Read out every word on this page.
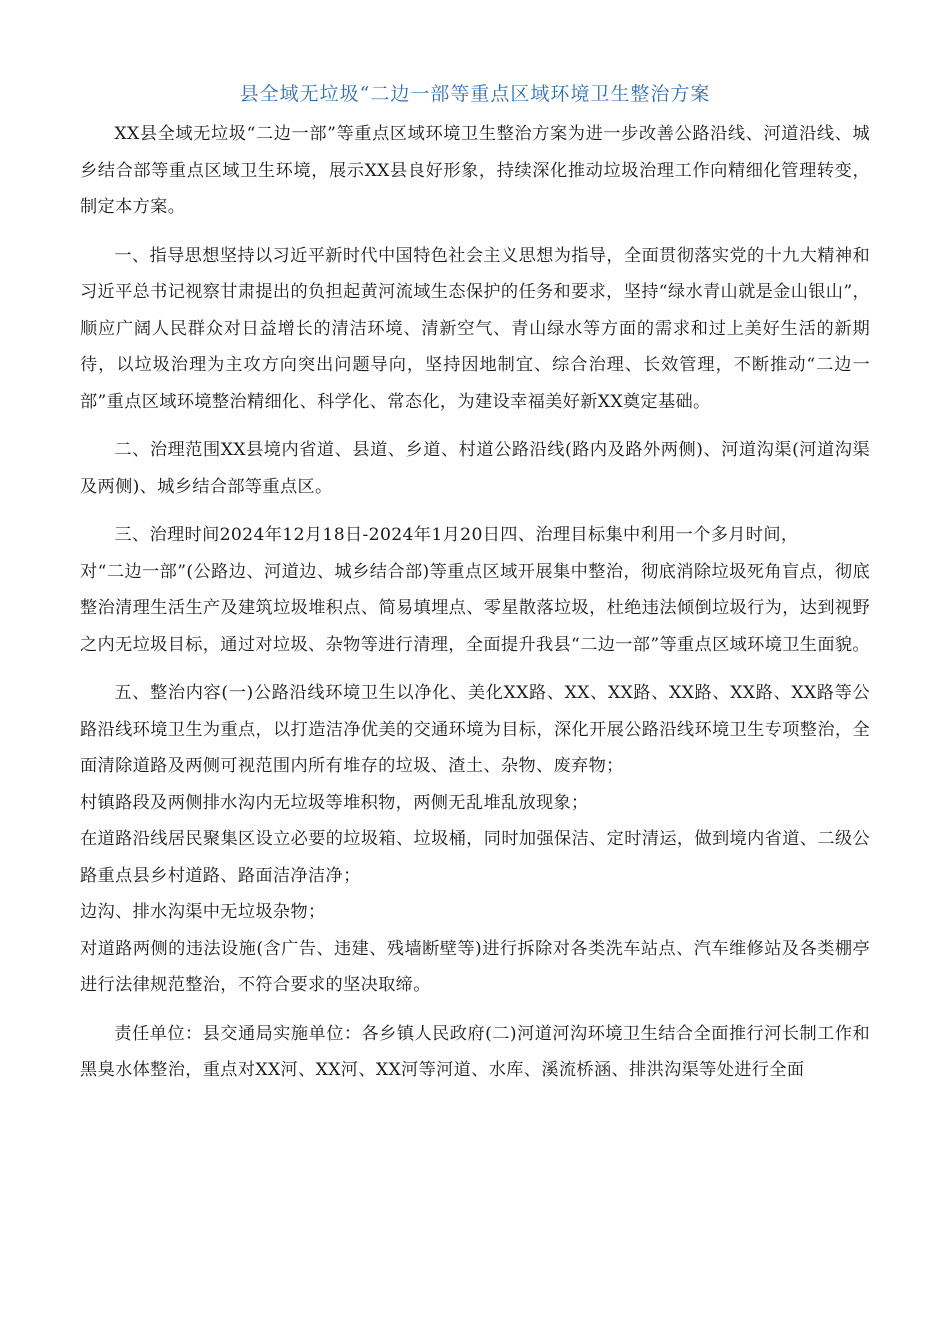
县全域无垃圾“二边一部等重点区域环境卫生整治方案

XX县全域无垃圾“二边一部”等重点区域环境卫生整治方案为进一步改善公路沿线、河道沿线、城乡结合部等重点区域卫生环境，展示XX县良好形象，持续深化推动垃圾治理工作向精细化管理转变，制定本方案。

一、指导思想坚持以习近平新时代中国特色社会主义思想为指导，全面贯彻落实党的十九大精神和习近平总书记视察甘肃提出的负担起黄河流域生态保护的任务和要求，坚持“绿水青山就是金山银山”，顺应广阔人民群众对日益增长的清洁环境、清新空气、青山绿水等方面的需求和过上美好生活的新期待，以垃圾治理为主攻方向突出问题导向，坚持因地制宜、综合治理、长效管理，不断推动“二边一部”重点区域环境整治精细化、科学化、常态化，为建设幸福美好新XX奠定基础。

二、治理范围XX县境内省道、县道、乡道、村道公路沿线(路内及路外两侧)、河道沟渠(河道沟渠及两侧)、城乡结合部等重点区。

三、治理时间2024年12月18日-2024年1月20日四、治理目标集中利用一个多月时间，

对“二边一部”(公路边、河道边、城乡结合部)等重点区域开展集中整治，彻底消除垃圾死角盲点，彻底整治清理生活生产及建筑垃圾堆积点、简易填埋点、零星散落垃圾，杜绝违法倾倒垃圾行为，达到视野之内无垃圾目标，通过对垃圾、杂物等进行清理，全面提升我县“二边一部”等重点区域环境卫生面貌。

五、整治内容(一)公路沿线环境卫生以净化、美化XX路、XX、XX路、XX路、XX路、XX路等公路沿线环境卫生为重点，以打造洁净优美的交通环境为目标，深化开展公路沿线环境卫生专项整治，全面清除道路及两侧可视范围内所有堆存的垃圾、渣土、杂物、废弃物；

村镇路段及两侧排水沟内无垃圾等堆积物，两侧无乱堆乱放现象；

在道路沿线居民聚集区设立必要的垃圾箱、垃圾桶，同时加强保洁、定时清运，做到境内省道、二级公路重点县乡村道路、路面洁净洁净；

边沟、排水沟渠中无垃圾杂物；

对道路两侧的违法设施(含广告、违建、残墙断壁等)进行拆除对各类洗车站点、汽车维修站及各类棚亭进行法律规范整治，不符合要求的坚决取缔。

责任单位：县交通局实施单位：各乡镇人民政府(二)河道河沟环境卫生结合全面推行河长制工作和黑臭水体整治，重点对XX河、XX河、XX河等河道、水库、溪流桥涵、排洪沟渠等处进行全面
